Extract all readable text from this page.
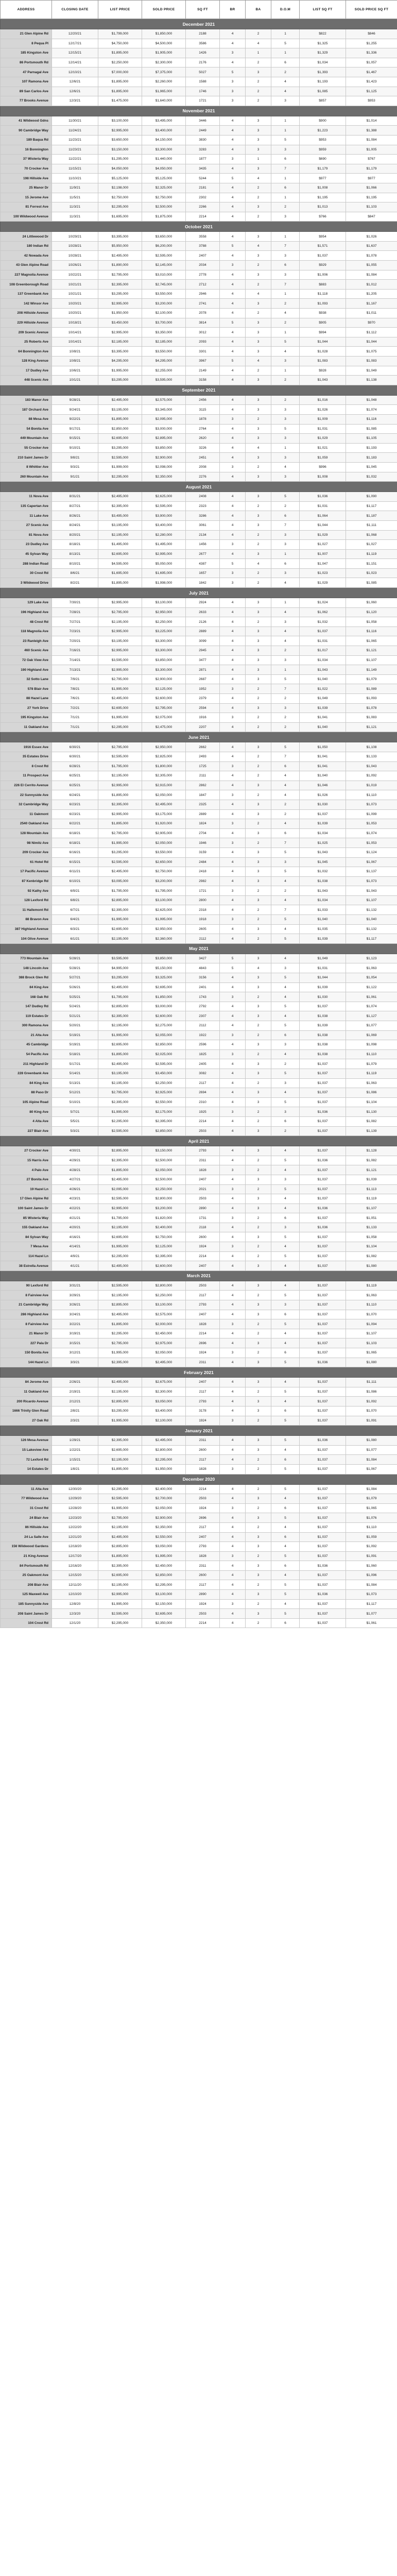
ADDRESS	CLOSING DATE	LIST PRICE	SOLD PRICE	SQ FT	BR	BA	D.O.M	LIST SQ FT	SOLD PRICE SQ FT
December 2021									
21 Glen Alpine Rd	12/20/21	$1,799,000	$1,850,000	2188	4	2	1	$822	$846
8 Pequa Pl	12/17/21	$4,750,000	$4,500,000	3586	4	4	5	$1,325	$1,255
185 Kingston Ave	12/15/21	$1,895,000	$1,905,000	1426	3	1	1	$1,329	$1,336
86 Portsmouth Rd	12/14/21	$2,250,000	$2,300,000	2176	4	2	6	$1,034	$1,057
47 Parnagal Ave	12/10/21	$7,000,000	$7,375,000	5027	5	3	2	$1,393	$1,467
107 Ramona Ave	12/6/21	$1,895,000	$2,260,000	1588	3	2	4	$1,193	$1,423
89 San Carlos Ave	12/6/21	$1,895,000	$1,965,000	1746	3	2	4	$1,085	$1,125
77 Brooks Avenue	12/3/21	$1,475,000	$1,640,000	1721	3	2	3	$857	$953
November 2021									
41 Wildwood Gdns	11/30/21	$3,100,000	$3,495,000	3446	4	3	1	$900	$1,014
90 Cambridge Way	11/24/21	$2,995,000	$3,400,000	2449	4	3	1	$1,223	$1,388
189 Baqua Rd	11/23/21	$3,650,000	$4,150,000	3830	4	3	5	$953	$1,084
16 Bonnington	11/23/21	$3,150,000	$3,300,000	3283	4	3	3	$959	$1,005
37 Wisteria Way	11/22/21	$1,295,000	$1,440,000	1877	3	1	6	$690	$767
70 Crocker Ave	11/15/21	$4,050,000	$4,050,000	3435	4	3	7	$1,179	$1,179
198 Hillside Ave	11/10/21	$5,125,000	$5,125,000	5244	5	4	1	$977	$977
25 Manor Dr	11/9/21	$2,198,000	$2,325,000	2181	4	2	6	$1,008	$1,066
15 Jerome Ave	11/5/21	$2,750,000	$2,750,000	2302	4	2	1	$1,195	$1,195
81 Forrest Ave	11/3/21	$2,295,000	$2,500,000	2266	4	3	2	$1,013	$1,103
100 Wildwood Avenue	11/3/21	$1,695,000	$1,875,000	2214	4	2	3	$766	$847
October 2021									
24 Littlewood Dr	10/29/21	$3,395,000	$3,650,000	3558	4	3	1	$954	$1,026
180 Indian Rd	10/28/21	$5,950,000	$6,200,000	3788	5	4	7	$1,571	$1,637
42 Nowada Ave	10/28/21	$2,495,000	$2,595,000	2407	4	3	3	$1,037	$1,078
43 Glen Alpine Road	10/26/21	$1,890,000	$2,145,000	2034	3	2	6	$929	$1,055
227 Magnolia Avenue	10/22/21	$2,795,000	$3,010,000	2778	4	3	3	$1,006	$1,084
108 Greenborough Road	10/21/21	$2,395,000	$2,745,000	2712	4	2	7	$883	$1,012
137 Greenbank Ave	10/21/21	$3,295,000	$3,550,000	2946	4	4	1	$1,118	$1,205
142 Winsor Ave	10/20/21	$2,995,000	$3,200,000	2741	4	3	2	$1,093	$1,167
208 Hillside Avenue	10/20/21	$1,950,000	$2,100,000	2078	4	2	4	$938	$1,011
229 Hillside Avenue	10/18/21	$3,450,000	$3,700,000	3814	5	3	2	$905	$970
209 Scenic Avenue	10/14/21	$2,995,000	$3,350,000	3012	4	3	1	$994	$1,112
25 Roberts Ave	10/14/21	$2,185,000	$2,185,000	2093	4	3	5	$1,044	$1,044
64 Bonnington Ave	10/8/21	$3,395,000	$3,550,000	3301	4	3	4	$1,028	$1,075
128 King Avenue	10/8/21	$4,295,000	$4,295,000	3967	5	4	3	$1,083	$1,083
17 Dudley Ave	10/6/21	$1,995,000	$2,255,000	2149	4	2	1	$928	$1,049
448 Scenic Ave	10/1/21	$3,295,000	$3,595,000	3158	4	3	2	$1,043	$1,138
September 2021									
183 Manor Ave	9/28/21	$2,495,000	$2,575,000	2456	4	3	2	$1,016	$1,048
187 Orchard Ave	9/24/21	$3,195,000	$3,345,000	3115	4	3	3	$1,026	$1,074
88 Mesa Ave	9/22/21	$1,895,000	$2,095,000	1878	3	2	3	$1,009	$1,116
54 Bonita Ave	9/17/21	$2,850,000	$3,000,000	2764	4	3	5	$1,031	$1,085
449 Mountain Ave	9/15/21	$2,695,000	$2,895,000	2620	4	3	3	$1,029	$1,105
55 Crocker Ave	9/10/21	$3,295,000	$3,850,000	3226	4	4	1	$1,021	$1,193
210 Saint James Dr	9/8/21	$2,595,000	$2,900,000	2451	4	3	3	$1,059	$1,183
8 Whittier Ave	9/3/21	$1,999,000	$2,098,000	2008	3	2	4	$996	$1,045
260 Mountain Ave	9/1/21	$2,295,000	$2,350,000	2276	4	3	3	$1,008	$1,032
August 2021									
11 Nova Ave	8/31/21	$2,495,000	$2,625,000	2408	4	3	5	$1,036	$1,090
135 Capertan Ave	8/27/21	$2,395,000	$2,595,000	2323	4	2	2	$1,031	$1,117
11 Lake Ave	8/26/21	$3,495,000	$3,900,000	3286	4	3	6	$1,064	$1,187
27 Scenic Ave	8/24/21	$3,195,000	$3,400,000	3061	4	3	7	$1,044	$1,111
81 Nova Ave	8/20/21	$2,195,000	$2,280,000	2134	4	2	3	$1,029	$1,068
23 Dudley Ave	8/18/21	$1,495,000	$1,495,000	1456	3	2	3	$1,027	$1,027
45 Sylvan Way	8/13/21	$2,695,000	$2,995,000	2677	4	3	1	$1,007	$1,119
288 Indian Road	8/10/21	$4,595,000	$5,050,000	4387	5	4	6	$1,047	$1,151
30 Crest Rd	8/6/21	$1,695,000	$1,695,000	1657	3	2	3	$1,023	$1,023
3 Wildwood Drive	8/2/21	$1,895,000	$1,998,000	1842	3	2	4	$1,029	$1,085
July 2021									
129 Lake Ave	7/30/21	$2,995,000	$3,100,000	2924	4	3	1	$1,024	$1,060
196 Highland Ave	7/28/21	$2,795,000	$2,950,000	2633	4	3	4	$1,062	$1,120
48 Crest Rd	7/27/21	$2,195,000	$2,250,000	2126	4	2	3	$1,032	$1,058
118 Magnolia Ave	7/23/21	$2,995,000	$3,225,000	2889	4	3	4	$1,037	$1,116
23 Ranleigh Ave	7/20/21	$3,195,000	$3,300,000	3099	4	3	4	$1,031	$1,065
460 Scenic Ave	7/16/21	$2,995,000	$3,300,000	2945	4	3	2	$1,017	$1,121
72 Oak View Ave	7/14/21	$3,595,000	$3,850,000	3477	4	3	3	$1,034	$1,107
190 Highland Ave	7/13/21	$2,995,000	$3,300,000	2871	4	3	1	$1,043	$1,149
32 Sotto Lane	7/9/21	$2,795,000	$2,900,000	2687	4	3	5	$1,040	$1,079
578 Blair Ave	7/8/21	$1,995,000	$2,125,000	1952	3	2	7	$1,022	$1,089
88 Hazel Lane	7/6/21	$2,495,000	$2,600,000	2379	4	2	2	$1,049	$1,093
27 York Drive	7/2/21	$2,695,000	$2,795,000	2594	4	3	3	$1,039	$1,078
195 Kingston Ave	7/1/21	$1,995,000	$2,075,000	1916	3	2	2	$1,041	$1,083
11 Oakland Ave	7/1/21	$2,295,000	$2,475,000	2207	4	2	2	$1,040	$1,121
June 2021									
1916 Essex Ave	6/30/21	$2,795,000	$2,950,000	2662	4	3	5	$1,050	$1,108
35 Estates Drive	6/30/21	$2,595,000	$2,825,000	2493	4	2	7	$1,041	$1,133
8 Crest Rd	6/28/21	$1,795,000	$1,800,000	1725	3	2	6	$1,041	$1,043
11 Prospect Ave	6/25/21	$2,195,000	$2,305,000	2111	4	2	4	$1,040	$1,092
226 El Cerrito Avenue	6/25/21	$2,995,000	$2,915,000	2862	4	3	4	$1,046	$1,019
22 Sunnyside Ave	6/24/21	$1,895,000	$2,050,000	1847	3	2	4	$1,026	$1,110
32 Cambridge Way	6/23/21	$2,395,000	$2,495,000	2325	4	3	2	$1,030	$1,073
11 Oakmont	6/23/21	$2,995,000	$3,175,000	2889	4	3	2	$1,037	$1,099
2540 Oakland Ave	6/22/21	$1,895,000	$1,920,000	1824	3	2	4	$1,039	$1,053
128 Mountain Ave	6/18/21	$2,795,000	$2,905,000	2704	4	3	6	$1,034	$1,074
98 Nimitz Ave	6/18/21	$1,995,000	$2,050,000	1946	3	2	7	$1,025	$1,053
209 Crocker Ave	6/16/21	$3,295,000	$3,550,000	3159	4	3	5	$1,043	$1,124
61 Hotel Rd	6/15/21	$2,595,000	$2,650,000	2484	4	3	3	$1,045	$1,067
17 Pacific Avenue	6/11/21	$2,495,000	$2,750,000	2418	4	3	5	$1,032	$1,137
87 Kenbridge Rd	6/10/21	$3,095,000	$3,200,000	2982	4	3	4	$1,038	$1,073
92 Kathy Ave	6/9/21	$1,795,000	$1,795,000	1721	3	2	2	$1,043	$1,043
128 Lexford Rd	6/8/21	$2,895,000	$3,100,000	2800	4	3	4	$1,034	$1,107
11 Hallemont Rd	6/7/21	$2,395,000	$2,625,000	2318	4	2	7	$1,033	$1,132
88 Bravon Ave	6/4/21	$1,995,000	$1,995,000	1918	3	2	5	$1,040	$1,040
387 Highland Avenue	6/3/21	$2,695,000	$2,950,000	2605	4	3	4	$1,035	$1,132
104 Olive Avenue	6/1/21	$2,195,000	$2,360,000	2112	4	2	5	$1,039	$1,117
May 2021									
773 Mountain Ave	5/28/21	$3,595,000	$3,850,000	3427	5	3	4	$1,049	$1,123
148 Lincoln Ave	5/28/21	$4,995,000	$5,150,000	4843	5	4	3	$1,031	$1,063
388 Brock Glen Rd	5/27/21	$3,295,000	$3,325,000	3156	4	3	5	$1,044	$1,054
84 King Ave	5/26/21	$2,495,000	$2,695,000	2401	4	3	4	$1,039	$1,122
168 Oak Rd	5/25/21	$1,795,000	$1,850,000	1743	3	2	4	$1,030	$1,061
147 Dudley Rd	5/24/21	$2,895,000	$3,000,000	2792	4	3	5	$1,037	$1,074
119 Estates Dr	5/21/21	$2,395,000	$2,600,000	2307	4	3	4	$1,038	$1,127
300 Ramona Ave	5/20/21	$2,195,000	$2,275,000	2112	4	2	5	$1,039	$1,077
21 Alta Ave	5/19/21	$1,995,000	$2,055,000	1922	3	2	6	$1,038	$1,069
45 Cambridge	5/19/21	$2,695,000	$2,850,000	2596	4	3	3	$1,038	$1,098
54 Pacific Ave	5/18/21	$1,895,000	$2,025,000	1825	3	2	4	$1,038	$1,110
211 Highland Dr	5/17/21	$2,495,000	$2,595,000	2405	4	3	2	$1,037	$1,079
228 Greenbank Ave	5/14/21	$3,195,000	$3,450,000	3082	4	3	5	$1,037	$1,119
84 King Ave	5/13/21	$2,195,000	$2,250,000	2117	4	2	3	$1,037	$1,063
88 Paso Dr	5/12/21	$2,795,000	$2,925,000	2694	4	3	4	$1,037	$1,086
105 Alpine Road	5/10/21	$2,395,000	$2,550,000	2310	4	3	5	$1,037	$1,104
80 King Ave	5/7/21	$1,995,000	$2,175,000	1925	3	2	3	$1,036	$1,130
4 Alta Ave	5/5/21	$2,295,000	$2,395,000	2214	4	2	6	$1,037	$1,082
227 Blair Ave	5/3/21	$2,595,000	$2,850,000	2503	4	3	2	$1,037	$1,139
April 2021									
27 Crocker Ave	4/30/21	$2,895,000	$3,150,000	2793	4	3	4	$1,037	$1,128
15 Harris Ave	4/29/21	$2,395,000	$2,500,000	2311	4	2	5	$1,036	$1,082
4 Palo Ave	4/28/21	$1,895,000	$2,050,000	1828	3	2	4	$1,037	$1,121
27 Bonita Ave	4/27/21	$2,495,000	$2,500,000	2407	4	3	3	$1,037	$1,039
19 Hazel Ln	4/26/21	$2,095,000	$2,250,000	2021	3	2	5	$1,037	$1,113
17 Glen Alpine Rd	4/23/21	$2,595,000	$2,800,000	2503	4	3	4	$1,037	$1,119
100 Saint James Dr	4/22/21	$2,995,000	$3,200,000	2890	4	3	4	$1,036	$1,107
85 Wisteria Way	4/21/21	$1,795,000	$1,820,000	1731	3	2	6	$1,037	$1,051
155 Oakland Ave	4/20/21	$2,195,000	$2,400,000	2118	4	2	3	$1,036	$1,133
84 Sylvan Way	4/16/21	$2,695,000	$2,750,000	2600	4	3	5	$1,037	$1,058
7 Mesa Ave	4/14/21	$1,995,000	$2,125,000	1924	3	2	4	$1,037	$1,104
114 Hazel Ln	4/9/21	$2,295,000	$2,395,000	2214	4	2	5	$1,037	$1,082
38 Estrella Avenue	4/1/21	$2,495,000	$2,600,000	2407	4	3	4	$1,037	$1,080
March 2021									
90 Lexford Rd	3/31/21	$2,595,000	$2,800,000	2503	4	3	4	$1,037	$1,119
8 Fairview Ave	3/29/21	$2,195,000	$2,250,000	2117	4	2	5	$1,037	$1,063
21 Cambridge Way	3/26/21	$2,895,000	$3,100,000	2793	4	3	3	$1,037	$1,110
286 Highland Ave	3/24/21	$2,495,000	$2,575,000	2407	4	3	6	$1,037	$1,070
8 Fairview Ave	3/22/21	$1,895,000	$2,000,000	1828	3	2	5	$1,037	$1,094
21 Manor Dr	3/19/21	$2,295,000	$2,450,000	2214	4	2	4	$1,037	$1,107
227 Pala Dr	3/15/21	$2,795,000	$2,975,000	2696	4	3	4	$1,037	$1,103
150 Bonita Ave	3/12/21	$1,995,000	$2,050,000	1924	3	2	6	$1,037	$1,065
144 Hazel Ln	3/3/21	$2,395,000	$2,495,000	2311	4	3	5	$1,036	$1,080
February 2021									
84 Jerome Ave	2/26/21	$2,495,000	$2,675,000	2407	4	3	4	$1,037	$1,111
11 Oakland Ave	2/19/21	$2,195,000	$2,300,000	2117	4	2	5	$1,037	$1,086
200 Ricardo Avenue	2/12/21	$2,895,000	$3,050,000	2793	4	3	4	$1,037	$1,092
1666 Trinity Glen Road	2/8/21	$3,295,000	$3,400,000	3178	4	3	6	$1,037	$1,070
27 Oak Rd	2/3/21	$1,995,000	$2,100,000	1924	3	2	5	$1,037	$1,091
January 2021									
126 Mesa Avenue	1/29/21	$2,395,000	$2,495,000	2311	4	3	5	$1,036	$1,080
15 Lakeview Ave	1/22/21	$2,695,000	$2,800,000	2600	4	3	4	$1,037	$1,077
72 Lexford Rd	1/15/21	$2,195,000	$2,295,000	2117	4	2	6	$1,037	$1,084
14 Estates Dr	1/8/21	$1,895,000	$1,950,000	1828	3	2	5	$1,037	$1,067
December 2020									
11 Alta Ave	12/30/20	$2,295,000	$2,400,000	2214	4	2	5	$1,037	$1,084
77 Wildwood Ave	12/29/20	$2,595,000	$2,700,000	2503	4	3	4	$1,037	$1,079
31 Crest Rd	12/28/20	$1,995,000	$2,050,000	1924	3	2	6	$1,037	$1,065
24 Blair Ave	12/23/20	$2,795,000	$2,900,000	2696	4	3	5	$1,037	$1,076
86 Hillside Ave	12/22/20	$2,195,000	$2,350,000	2117	4	2	4	$1,037	$1,110
24 La Salle Ave	12/21/20	$2,495,000	$2,550,000	2407	4	3	6	$1,037	$1,059
156 Wildwood Gardens	12/18/20	$2,895,000	$3,050,000	2793	4	3	4	$1,037	$1,092
21 King Avenue	12/17/20	$1,895,000	$1,995,000	1828	3	2	5	$1,037	$1,091
84 Portsmouth Rd	12/16/20	$2,395,000	$2,450,000	2311	4	3	6	$1,036	$1,060
25 Oakmont Ave	12/15/20	$2,695,000	$2,850,000	2600	4	3	4	$1,037	$1,096
208 Blair Ave	12/11/20	$2,195,000	$2,295,000	2117	4	2	5	$1,037	$1,084
125 Maxwell Ave	12/10/20	$2,995,000	$3,100,000	2890	4	3	5	$1,036	$1,073
185 Sunnyside Ave	12/8/20	$1,995,000	$2,150,000	1924	3	2	4	$1,037	$1,117
208 Saint James Dr	12/3/20	$2,595,000	$2,695,000	2503	4	3	5	$1,037	$1,077
104 Crest Rd	12/1/20	$2,295,000	$2,350,000	2214	4	2	6	$1,037	$1,061
